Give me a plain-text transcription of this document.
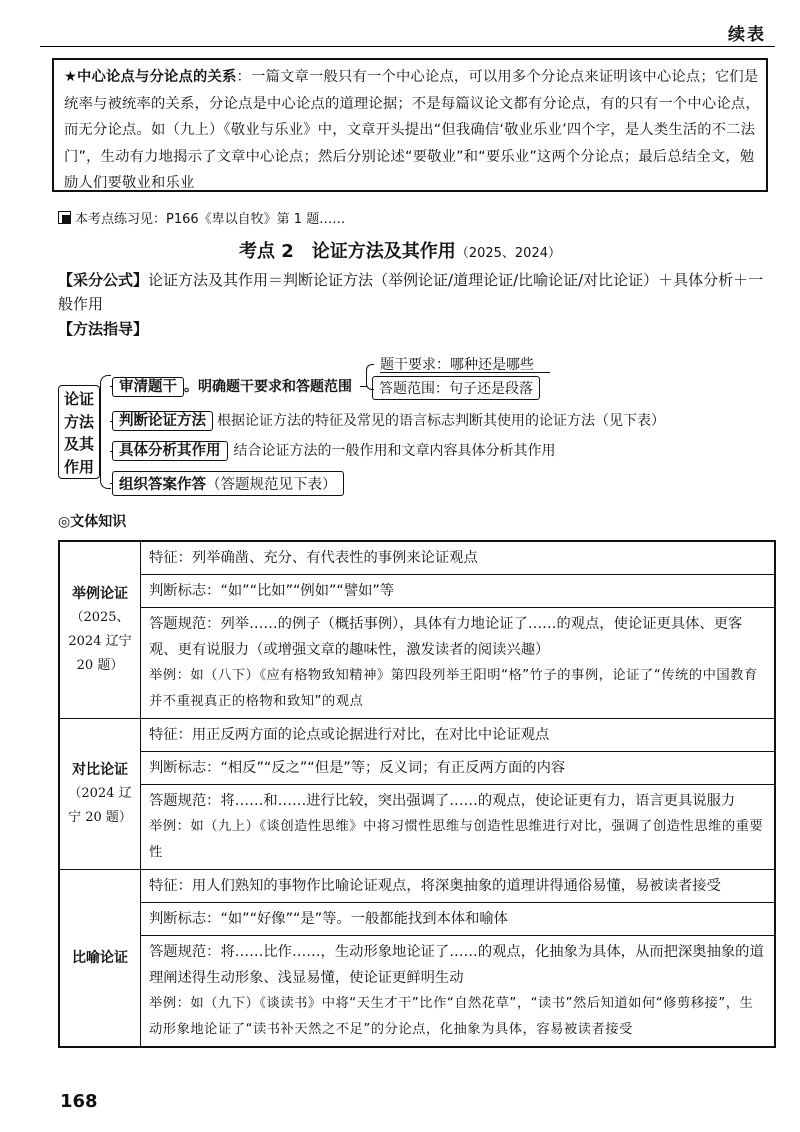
续表
★中心论点与分论点的关系：一篇文章一般只有一个中心论点，可以用多个分论点来证明该中心论点；它们是统率与被统率的关系，分论点是中心论点的道理论据；不是每篇议论文都有分论点，有的只有一个中心论点，而无分论点。如（九上）《敬业与乐业》中，文章开头提出“但我确信‘敬业乐业’四个字，是人类生活的不二法门”，生动有力地揭示了文章中心论点；然后分别论述“要敬业”和“要乐业”这两个分论点；最后总结全文，勉励人们要敬业和乐业
本考点练习见：P166《卑以自牧》第 1 题……
考点 2　论证方法及其作用（2025、2024）
【采分公式】论证方法及其作用＝判断论证方法（举例论证/道理论证/比喻论证/对比论证）＋具体分析＋一般作用
【方法指导】
论证
方法
及其
作用
审清题干 。明确题干要求和答题范围
题干要求：哪种还是哪些
答题范围：句子还是段落
判断论证方法 根据论证方法的特征及常见的语言标志判断其使用的论证方法（见下表）
具体分析其作用 结合论证方法的一般作用和文章内容具体分析其作用
组织答案作答（答题规范见下表）
◎文体知识
举例论证
（2025、2024 辽宁 20 题）	特征：列举确凿、充分、有代表性的事例来论证观点
	判断标志：“如”“比如”“例如”“譬如”等

	答题规范：列举……的例子（概括事例），具体有力地论证了……的观点，使论证更具体、更客观、更有说服力（或增强文章的趣味性，激发读者的阅读兴趣）
举例：如（八下）《应有格物致知精神》第四段列举王阳明“格”竹子的事例，论证了“传统的中国教育并不重视真正的格物和致知”的观点

对比论证
（2024 辽宁 20 题）	特征：用正反两方面的论点或论据进行对比，在对比中论证观点
	判断标志：“相反”“反之”“但是”等；反义词；有正反两方面的内容

	答题规范：将……和……进行比较，突出强调了……的观点，使论证更有力，语言更具说服力
举例：如（九上）《谈创造性思维》中将习惯性思维与创造性思维进行对比，强调了创造性思维的重要性

比喻论证	特征：用人们熟知的事物作比喻论证观点，将深奥抽象的道理讲得通俗易懂，易被读者接受
	判断标志：“如”“好像”“是”等。一般都能找到本体和喻体

	答题规范：将……比作……，生动形象地论证了……的观点，化抽象为具体，从而把深奥抽象的道理阐述得生动形象、浅显易懂，使论证更鲜明生动
举例：如（九下）《谈读书》中将“天生才干”比作“自然花草”，“读书”然后知道如何“修剪移接”，生动形象地论证了“读书补天然之不足”的分论点，化抽象为具体，容易被读者接受
168
